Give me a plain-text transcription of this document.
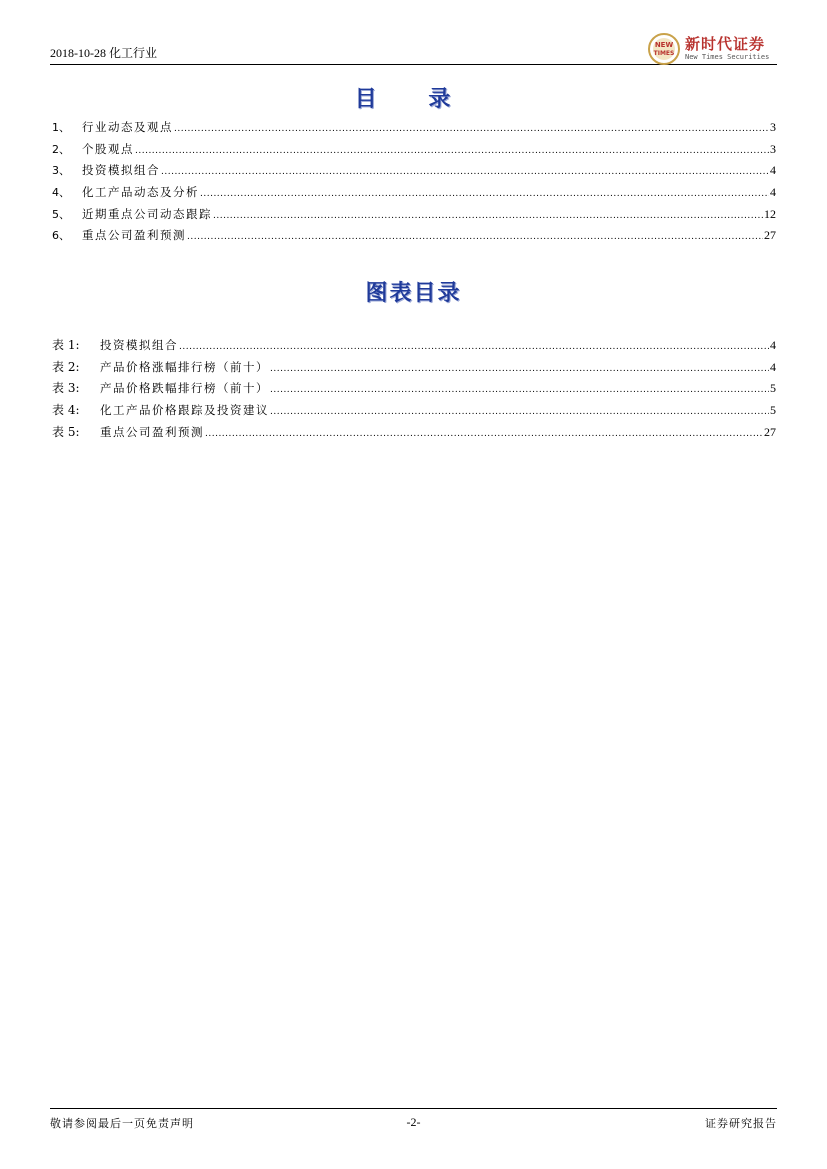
2018-10-28 化工行业
NEW
TIMES
新时代证券
New Times Securities
目 录
1、	行业动态及观点 .....	3
2、	个股观点 .....	3
3、	投资模拟组合 .....	4
4、	化工产品动态及分析 .....	4
5、	近期重点公司动态跟踪 .....	12
6、	重点公司盈利预测 .....	27
图表目录
表 1:	投资模拟组合 .....	4
表 2:	产品价格涨幅排行榜（前十） .....	4
表 3:	产品价格跌幅排行榜（前十） .....	5
表 4:	化工产品价格跟踪及投资建议 .....	5
表 5:	重点公司盈利预测 .....	27
敬请参阅最后一页免责声明	-2-	证券研究报告
